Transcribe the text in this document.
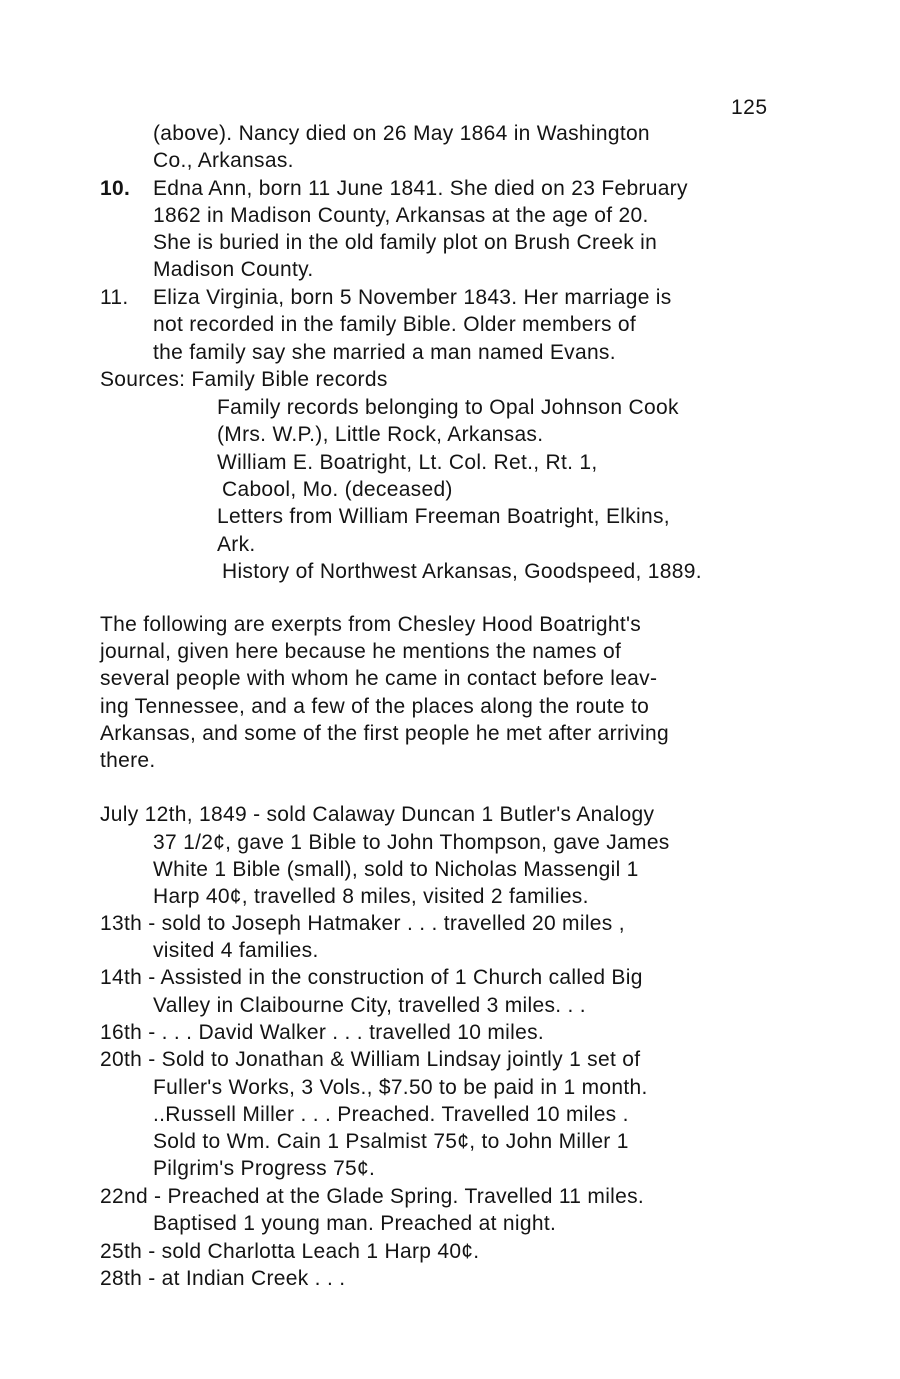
125
(above). Nancy died on 26 May 1864 in Washington
Co., Arkansas.
10. Edna Ann, born 11 June 1841. She died on 23 February
1862 in Madison County, Arkansas at the age of 20.
She is buried in the old family plot on Brush Creek in
Madison County.
11. Eliza Virginia, born 5 November 1843. Her marriage is
not recorded in the family Bible. Older members of
the family say she married a man named Evans.
Sources: Family Bible records
Family records belonging to Opal Johnson Cook
(Mrs. W.P.), Little Rock, Arkansas.
William E. Boatright, Lt. Col. Ret., Rt. 1,
Cabool, Mo. (deceased)
Letters from William Freeman Boatright, Elkins,
Ark.
History of Northwest Arkansas, Goodspeed, 1889.
The following are exerpts from Chesley Hood Boatright's
journal, given here because he mentions the names of
several people with whom he came in contact before leav-
ing Tennessee, and a few of the places along the route to
Arkansas, and some of the first people he met after arriving
there.
July 12th, 1849 - sold Calaway Duncan 1 Butler's Analogy
37 1/2¢, gave 1 Bible to John Thompson, gave James
White 1 Bible (small), sold to Nicholas Massengil 1
Harp 40¢, travelled 8 miles, visited 2 families.
13th - sold to Joseph Hatmaker . . . travelled 20 miles ,
visited 4 families.
14th - Assisted in the construction of 1 Church called Big
Valley in Claibourne City, travelled 3 miles. . .
16th - . . . David Walker . . . travelled 10 miles.
20th - Sold to Jonathan & William Lindsay jointly 1 set of
Fuller's Works, 3 Vols., $7.50 to be paid in 1 month.
..Russell Miller . . . Preached. Travelled 10 miles .
Sold to Wm. Cain 1 Psalmist 75¢, to John Miller 1
Pilgrim's Progress 75¢.
22nd - Preached at the Glade Spring. Travelled 11 miles.
Baptised 1 young man. Preached at night.
25th - sold Charlotta Leach 1 Harp 40¢.
28th - at Indian Creek . . .
